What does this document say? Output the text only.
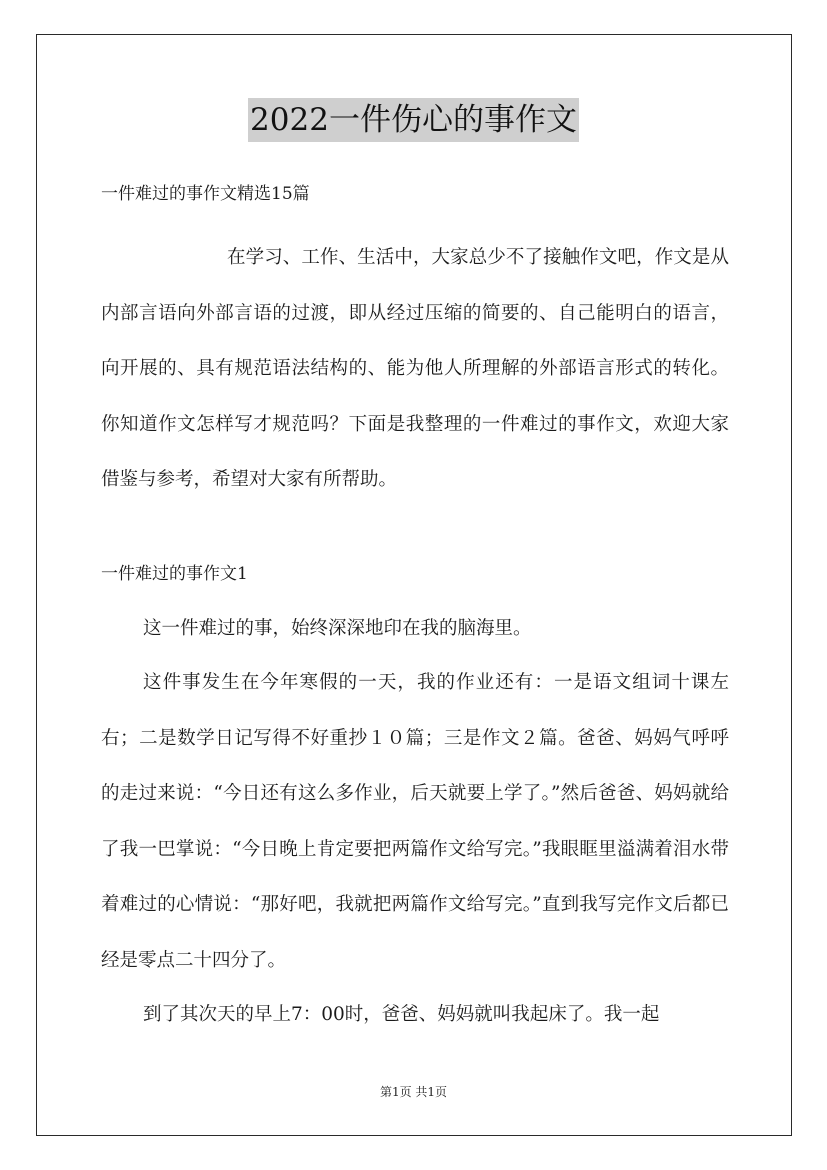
2022一件伤心的事作文
一件难过的事作文精选15篇

在学习、工作、生活中，大家总少不了接触作文吧，作文是从内部言语向外部言语的过渡，即从经过压缩的简要的、自己能明白的语言，向开展的、具有规范语法结构的、能为他人所理解的外部语言形式的转化。你知道作文怎样写才规范吗？下面是我整理的一件难过的事作文，欢迎大家借鉴与参考，希望对大家有所帮助。

一件难过的事作文1

这一件难过的事，始终深深地印在我的脑海里。

这件事发生在今年寒假的一天，我的作业还有：一是语文组词十课左右；二是数学日记写得不好重抄１０篇；三是作文２篇。爸爸、妈妈气呼呼的走过来说：“今日还有这么多作业，后天就要上学了。”然后爸爸、妈妈就给了我一巴掌说：“今日晚上肯定要把两篇作文给写完。”我眼眶里溢满着泪水带着难过的心情说：“那好吧，我就把两篇作文给写完。”直到我写完作文后都已经是零点二十四分了。

到了其次天的早上7：00时，爸爸、妈妈就叫我起床了。我一起

第1页 共1页
